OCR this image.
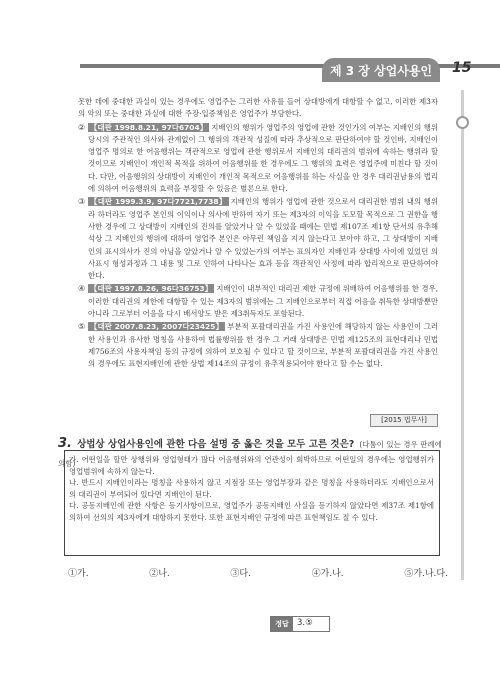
제 3 장 상업사용인 15

못한 데에 중대한 과실이 있는 경우에도 영업주는 그러한 사유를 들어 상대방에게 대항할 수 없고, 이러한 제3자의 악의 또는 중대한 과실에 대한 주장·입증책임은 영업주가 부담한다.

② 【대판 1998.8.21, 97다6704】 지배인의 행위가 영업주의 영업에 관한 것인가의 여부는 지배인의 행위 당시의 주관적인 의사와 관계없이 그 행위의 객관적 성질에 따라 추상적으로 판단하여야 할 것인바, 지배인이 영업주 명의로 한 어음행위는 객관적으로 영업에 관한 행위로서 지배인의 대리권의 범위에 속하는 행위라 할 것이므로 지배인이 개인적 목적을 위하여 어음행위를 한 경우에도 그 행위의 효력은 영업주에 미친다 할 것이다. 다만, 어음행위의 상대방이 지배인이 개인적 목적으로 어음행위를 하는 사실을 안 경우 대리권남용의 법리에 의하여 어음행위의 효력을 부정할 수 있음은 별론으로 한다.

③ 【대판 1999.3.9, 97다7721,7738】 지배인의 행위가 영업에 관한 것으로서 대리권한 범위 내의 행위라 하더라도 영업주 본인의 이익이나 의사에 반하여 자기 또는 제3자의 이익을 도모할 목적으로 그 권한을 행사한 경우에 그 상대방이 지배인의 진의를 알았거나 알 수 있었을 때에는 민법 제107조 제1항 단서의 유추해석상 그 지배인의 행위에 대하여 영업주 본인은 아무런 책임을 지지 않는다고 보아야 하고, 그 상대방이 지배인의 표시의사가 진의 아님을 알았거나 알 수 있었는가의 여부는 표의자인 지배인과 상대방 사이에 있었던 의사표시 형성과정과 그 내용 및 그로 인하여 나타나는 효과 등을 객관적인 사정에 따라 합리적으로 판단하여야 한다.

④ 【대판 1997.8.26, 96다36753】 지배인이 내부적인 대리권 제한 규정에 위배하여 어음행위를 한 경우, 이러한 대리권의 제한에 대항할 수 있는 제3자의 범위에는 그 지배인으로부터 직접 어음을 취득한 상대방뿐만 아니라 그로부터 어음을 다시 배서양도 받은 제3취득자도 포함된다.

⑤ 【대판 2007.8.23, 2007다23425】 부분적 포괄대리권을 가진 사용인에 해당하지 않는 사용인이 그러한 사용인과 유사한 명칭을 사용하여 법률행위를 한 경우 그 거래 상대방은 민법 제125조의 표현대리나 민법 제756조의 사용자책임 등의 규정에 의하여 보호될 수 있다고 할 것이므로, 부분적 포괄대리권을 가진 사용인의 경우에도 표현지배인에 관한 상법 제14조의 규정이 유추적용되어야 한다고 할 수는 없다.

[2015 법무사]
3. 상법상 상업사용인에 관한 다음 설명 중 옳은 것을 모두 고른 것은? (다툼이 있는 경우 판례에 의함)

가. 어떤일을 할만 상행위와 영업형태가 많다 어음행위와의 연관성이 회박하므로 어떤일의 경우에는 영업행위가 영업범위에 속하지 않는다.

나. 반드시 지배인이라는 명칭을 사용하지 않고 지점장 또는 영업부장과 같은 명칭을 사용하더라도 지배인으로서의 대리권이 부여되어 있다면 지배인이 된다.

다. 공동지배인에 관한 사항은 등기사항이므로, 영업주가 공동지배인 사실을 등기하지 않았다면 제37조 제1항에 의하여 선의의 제3자에게 대항하지 못한다. 또한 표현지배인 규정에 따른 표현책임도 질 수 있다.

①가.	②나.	③다.	④가.나.	⑤가.나.다.
정답 3.⑤
